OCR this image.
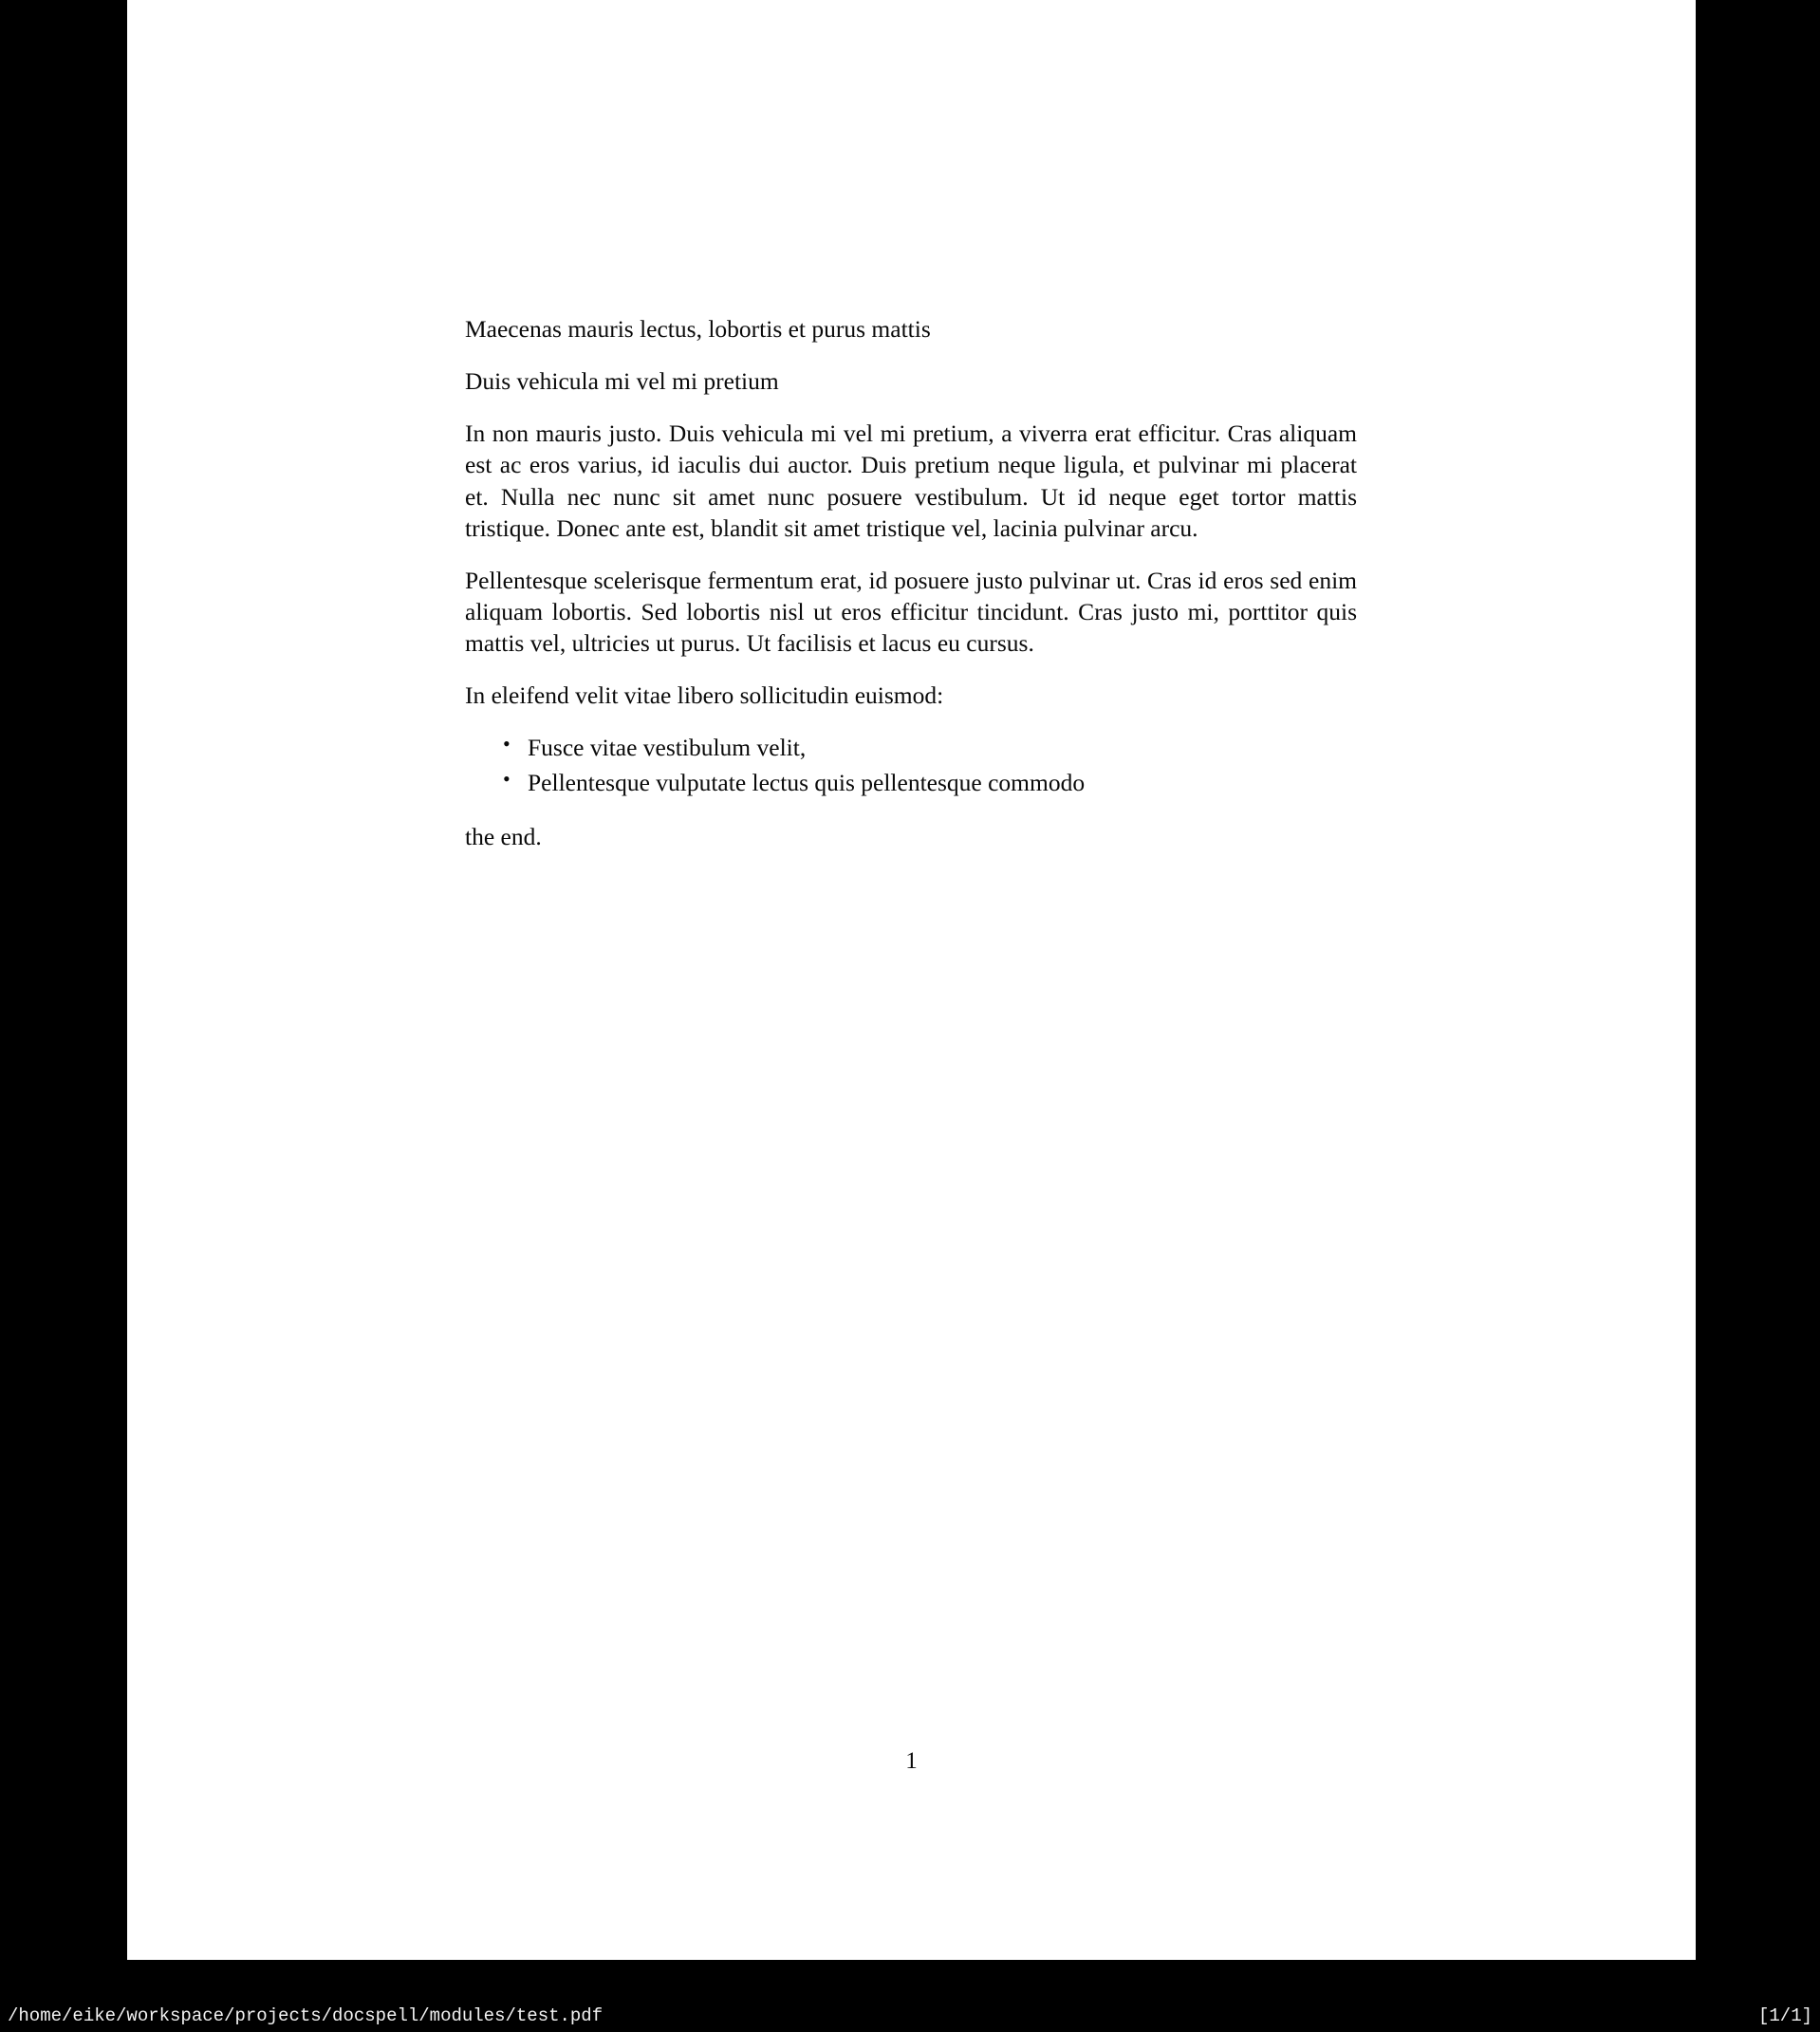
Maecenas mauris lectus, lobortis et purus mattis

Duis vehicula mi vel mi pretium

In non mauris justo. Duis vehicula mi vel mi pretium, a viverra erat efficitur. Cras aliquam est ac eros varius, id iaculis dui auctor. Duis pretium neque ligula, et pulvinar mi placerat et. Nulla nec nunc sit amet nunc posuere vestibulum. Ut id neque eget tortor mattis tristique. Donec ante est, blandit sit amet tristique vel, lacinia pulvinar arcu.

Pellentesque scelerisque fermentum erat, id posuere justo pulvinar ut. Cras id eros sed enim aliquam lobortis. Sed lobortis nisl ut eros efficitur tincidunt. Cras justo mi, porttitor quis mattis vel, ultricies ut purus. Ut facilisis et lacus eu cursus.

In eleifend velit vitae libero sollicitudin euismod:

• Fusce vitae vestibulum velit,
• Pellentesque vulputate lectus quis pellentesque commodo

the end.

1
/home/eike/workspace/projects/docspell/modules/test.pdf	[1/1]
